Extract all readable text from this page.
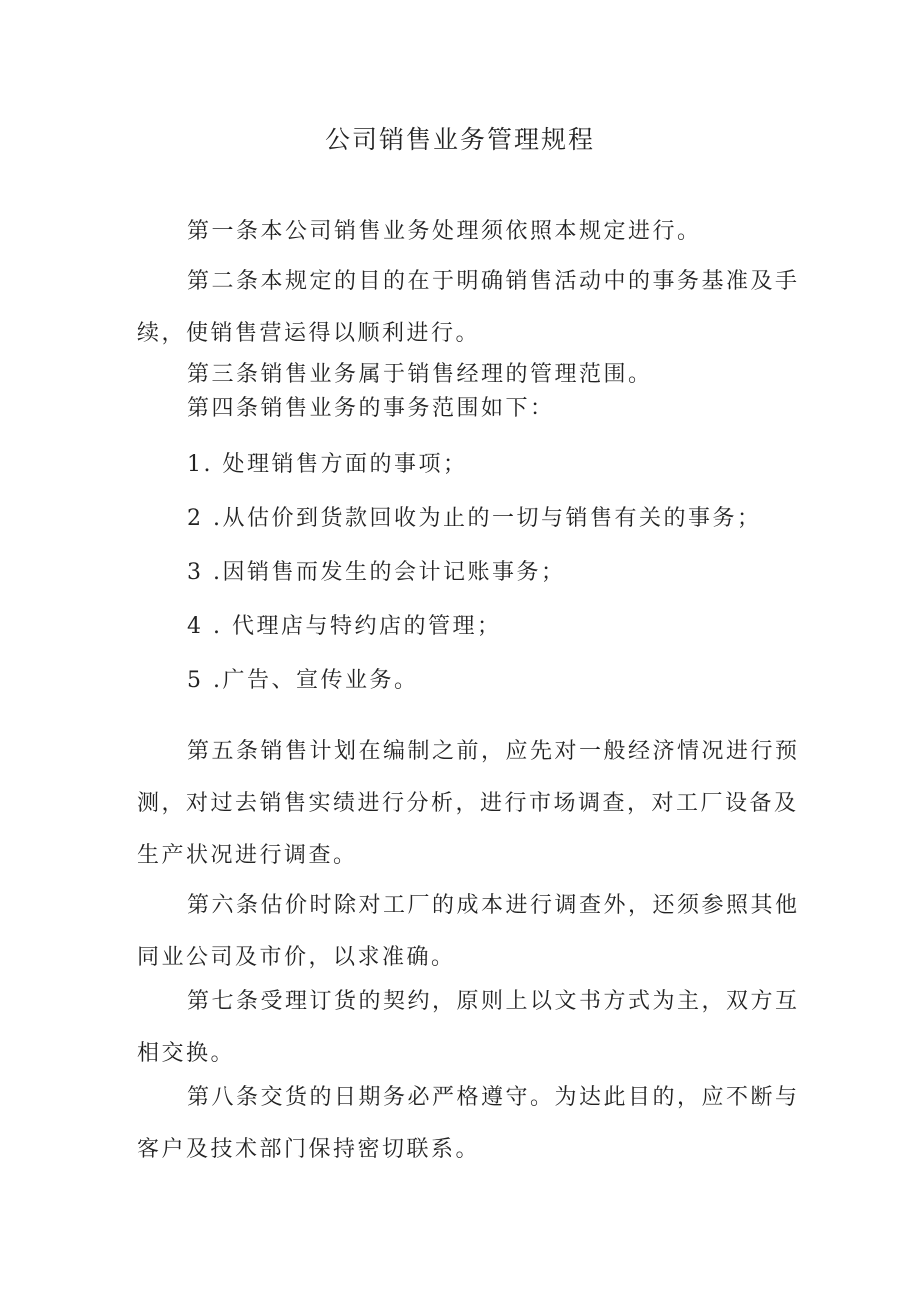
公司销售业务管理规程

第一条本公司销售业务处理须依照本规定进行。

第二条本规定的目的在于明确销售活动中的事务基准及手续，使销售营运得以顺利进行。

第三条销售业务属于销售经理的管理范围。

第四条销售业务的事务范围如下：

1. 处理销售方面的事项；

2 .从估价到货款回收为止的一切与销售有关的事务；

3 .因销售而发生的会计记账事务；

4 . 代理店与特约店的管理；

5 .广告、宣传业务。

第五条销售计划在编制之前，应先对一般经济情况进行预测，对过去销售实绩进行分析，进行市场调查，对工厂设备及生产状况进行调查。

第六条估价时除对工厂的成本进行调查外，还须参照其他同业公司及市价，以求准确。

第七条受理订货的契约，原则上以文书方式为主，双方互相交换。

第八条交货的日期务必严格遵守。为达此目的，应不断与客户及技术部门保持密切联系。
